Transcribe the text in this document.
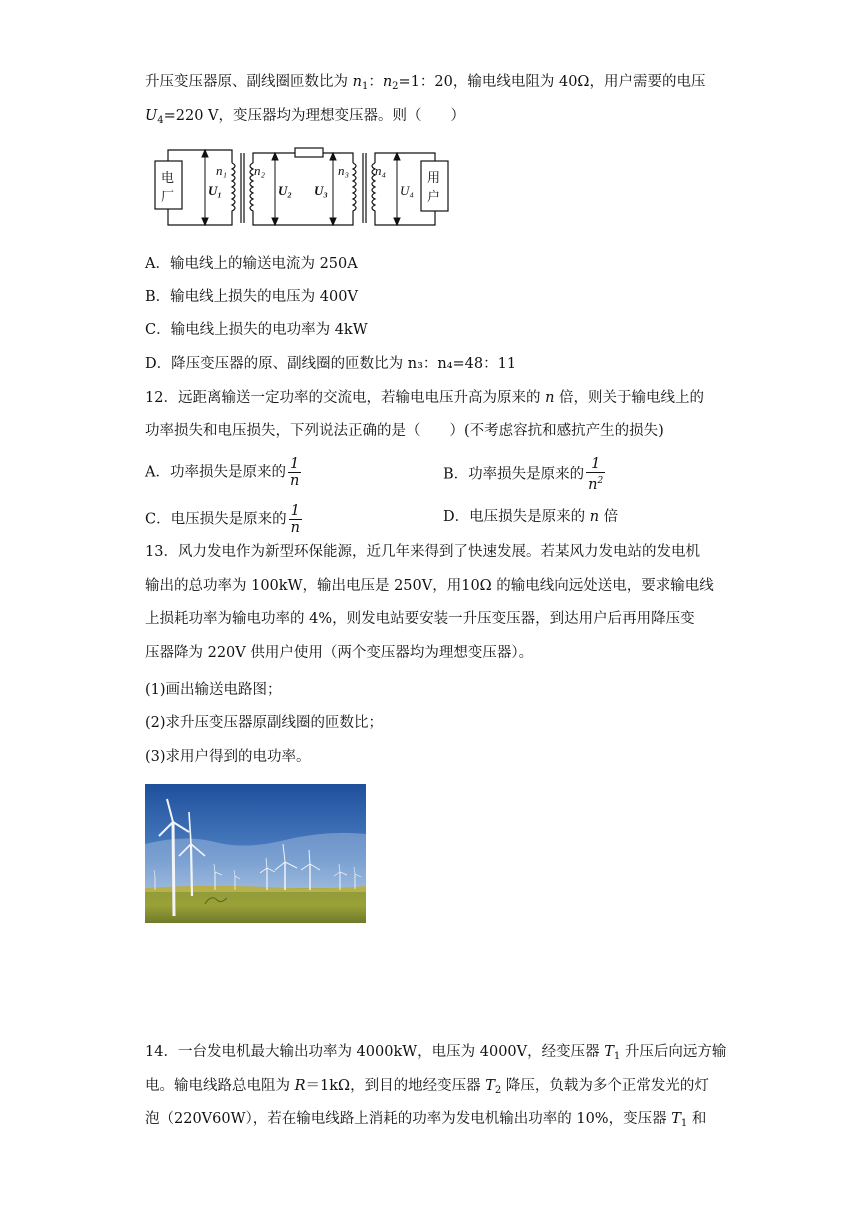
升压变压器原、副线圈匝数比为 $n_1$：$n_2=1$：20，输电线电阻为 40Ω，用户需要的电压
$U_4=220$ V，变压器均为理想变压器。则（　　）
电
厂
用
户
U₁
n₁ n₂
U₂ U₃
n₃ n₄
U₄
A．输电线上的输送电流为 250A
B．输电线上损失的电压为 400V
C．输电线上损失的电功率为 4kW
D．降压变压器的原、副线圈的匝数比为 n₃：n₄=48：11
12．远距离输送一定功率的交流电，若输电电压升高为原来的 n 倍，则关于输电线上的
功率损失和电压损失，下列说法正确的是（　　）(不考虑容抗和感抗产生的损失)
A．功率损失是原来的 $\frac{1}{n}$	B．功率损失是原来的 $\frac{1}{n^2}$
C．电压损失是原来的 $\frac{1}{n}$	D．电压损失是原来的 n 倍
13．风力发电作为新型环保能源，近几年来得到了快速发展。若某风力发电站的发电机
输出的总功率为 100kW，输出电压是 250V，用10Ω 的输电线向远处送电，要求输电线
上损耗功率为输电功率的 4%，则发电站要安装一升压变压器，到达用户后再用降压变
压器降为 220V 供用户使用（两个变压器均为理想变压器）。
(1)画出输送电路图；
(2)求升压变压器原副线圈的匝数比；
(3)求用户得到的电功率。
14．一台发电机最大输出功率为 4000kW，电压为 4000V，经变压器 $T_1$ 升压后向远方输
电。输电线路总电阻为 R＝1kΩ，到目的地经变压器 $T_2$ 降压，负载为多个正常发光的灯
泡（220V60W），若在输电线路上消耗的功率为发电机输出功率的 10%，变压器 $T_1$ 和
